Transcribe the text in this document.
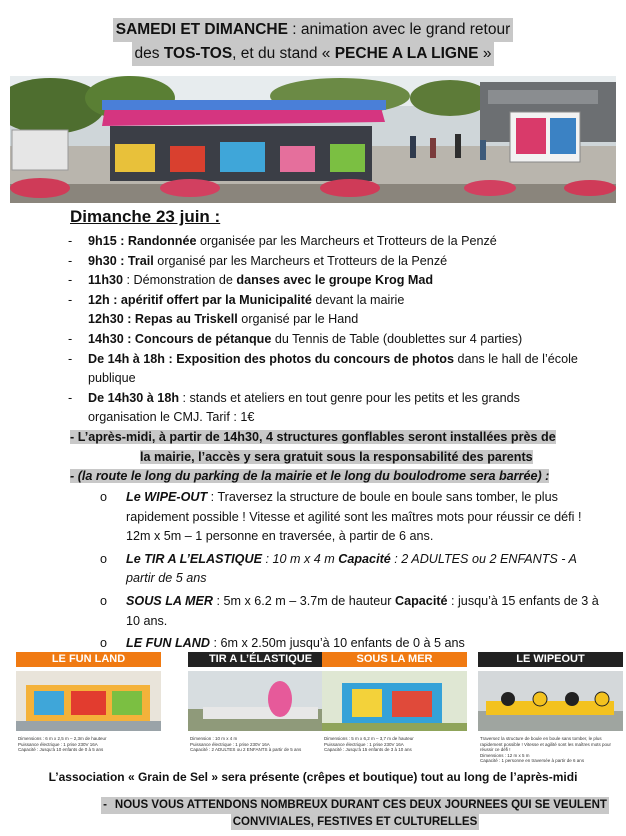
SAMEDI ET DIMANCHE : animation avec le grand retour
des TOS-TOS, et du stand « PECHE A LA LIGNE »
Dimanche 23 juin :
-	9h15 : Randonnée organisée par les Marcheurs et Trotteurs de la Penzé
-	9h30 : Trail organisé par les Marcheurs et Trotteurs de la Penzé
-	11h30 : Démonstration de danses avec le groupe Krog Mad
-	12h : apéritif offert par la Municipalité devant la mairie
12h30 : Repas au Triskell organisé par le Hand
-	14h30 : Concours de pétanque du Tennis de Table (doublettes sur 4 parties)
-	De 14h à 18h : Exposition des photos du concours de photos dans le hall de l’école publique
-	De 14h30 à 18h : stands et ateliers en tout genre pour les petits et les grands organisation le CMJ. Tarif : 1€
- L’après-midi, à partir de 14h30, 4 structures gonflables seront installées près de
la mairie, l’accès y sera gratuit sous la responsabilité des parents
- (la route le long du parking de la mairie et le long du boulodrome sera barrée) :
o	Le WIPE-OUT : Traversez la structure de boule en boule sans tomber, le plus rapidement possible ! Vitesse et agilité sont les maîtres mots pour réussir ce défi ! 12m x 5m – 1 personne en traversée, à partir de 6 ans.
o	Le TIR A L’ELASTIQUE : 10 m x 4 m Capacité : 2 ADULTES ou 2 ENFANTS - A partir de 5 ans
o	SOUS LA MER : 5m x 6.2 m – 3.7m de hauteur Capacité : jusqu’à 15 enfants de 3 à 10 ans.
o	LE FUN LAND : 6m x 2.50m jusqu’à 10 enfants de 0 à 5 ans
LE FUN LAND
Dimensions : 6 m x 2,5 m – 2,3m de hauteur
Puissance électrique : 1 prise 230V 16A
Capacité : Jusqu’à 10 enfants de 0 à 5 ans
TIR A L’ÉLASTIQUE
Dimension : 10 m x 4 m
Puissance électrique : 1 prise 230V 16A
Capacité : 2 ADULTES ou 2 ENFANTS à partir de 5 ans
SOUS LA MER
Dimensions : 5 m x 6,2 m – 3,7 m de hauteur
Puissance électrique : 1 prise 230V 16A
Capacité : Jusqu’à 15 enfants de 3 à 10 ans
LE WIPEOUT
Traversez la structure de boule en boule sans tomber, le plus rapidement possible ! Vitesse et agilité sont les maîtres mots pour réussir ce défi !
Dimensions : 12 m x 5 m
Capacité : 1 personne en traversée à partir de 6 ans
L’association « Grain de Sel » sera présente (crêpes et boutique) tout au long de l’après-midi
- NOUS VOUS ATTENDONS NOMBREUX DURANT CES DEUX JOURNEES QUI SE VEULENT
CONVIVIALES, FESTIVES ET CULTURELLES
